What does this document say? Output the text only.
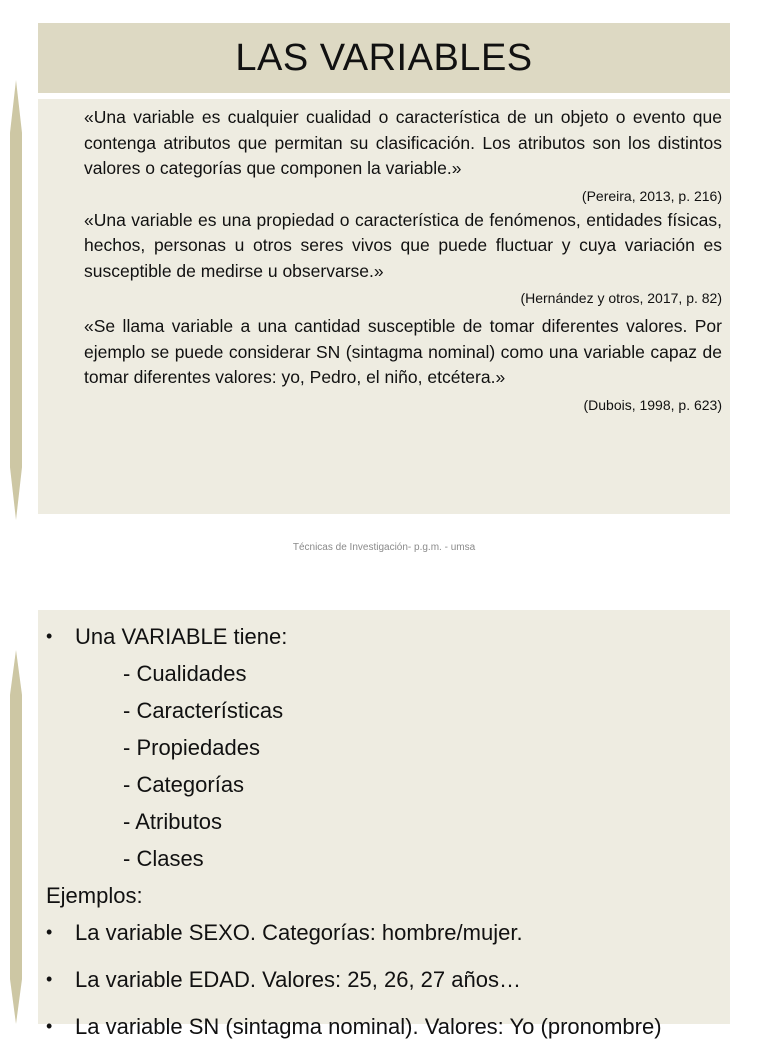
LAS VARIABLES

«Una variable es cualquier cualidad o característica de un objeto o evento que contenga atributos que permitan su clasificación. Los atributos son los distintos valores o categorías que componen la variable.»

(Pereira, 2013, p. 216)

«Una variable es una propiedad o característica de fenómenos, entidades físicas, hechos, personas u otros seres vivos que puede fluctuar y cuya variación es susceptible de medirse u observarse.»

(Hernández y otros, 2017, p. 82)

«Se llama variable a una cantidad susceptible de tomar diferentes valores. Por ejemplo se puede considerar SN (sintagma nominal) como una variable capaz de tomar diferentes valores: yo, Pedro, el niño, etcétera.»

(Dubois, 1998, p. 623)
Técnicas de Investigación- p.g.m. - umsa
• Una VARIABLE tiene:
- Cualidades
- Características
- Propiedades
- Categorías
- Atributos
- Clases
Ejemplos:
• La variable SEXO. Categorías: hombre/mujer.
• La variable EDAD. Valores: 25, 26, 27 años…
• La variable SN (sintagma nominal). Valores: Yo (pronombre)
